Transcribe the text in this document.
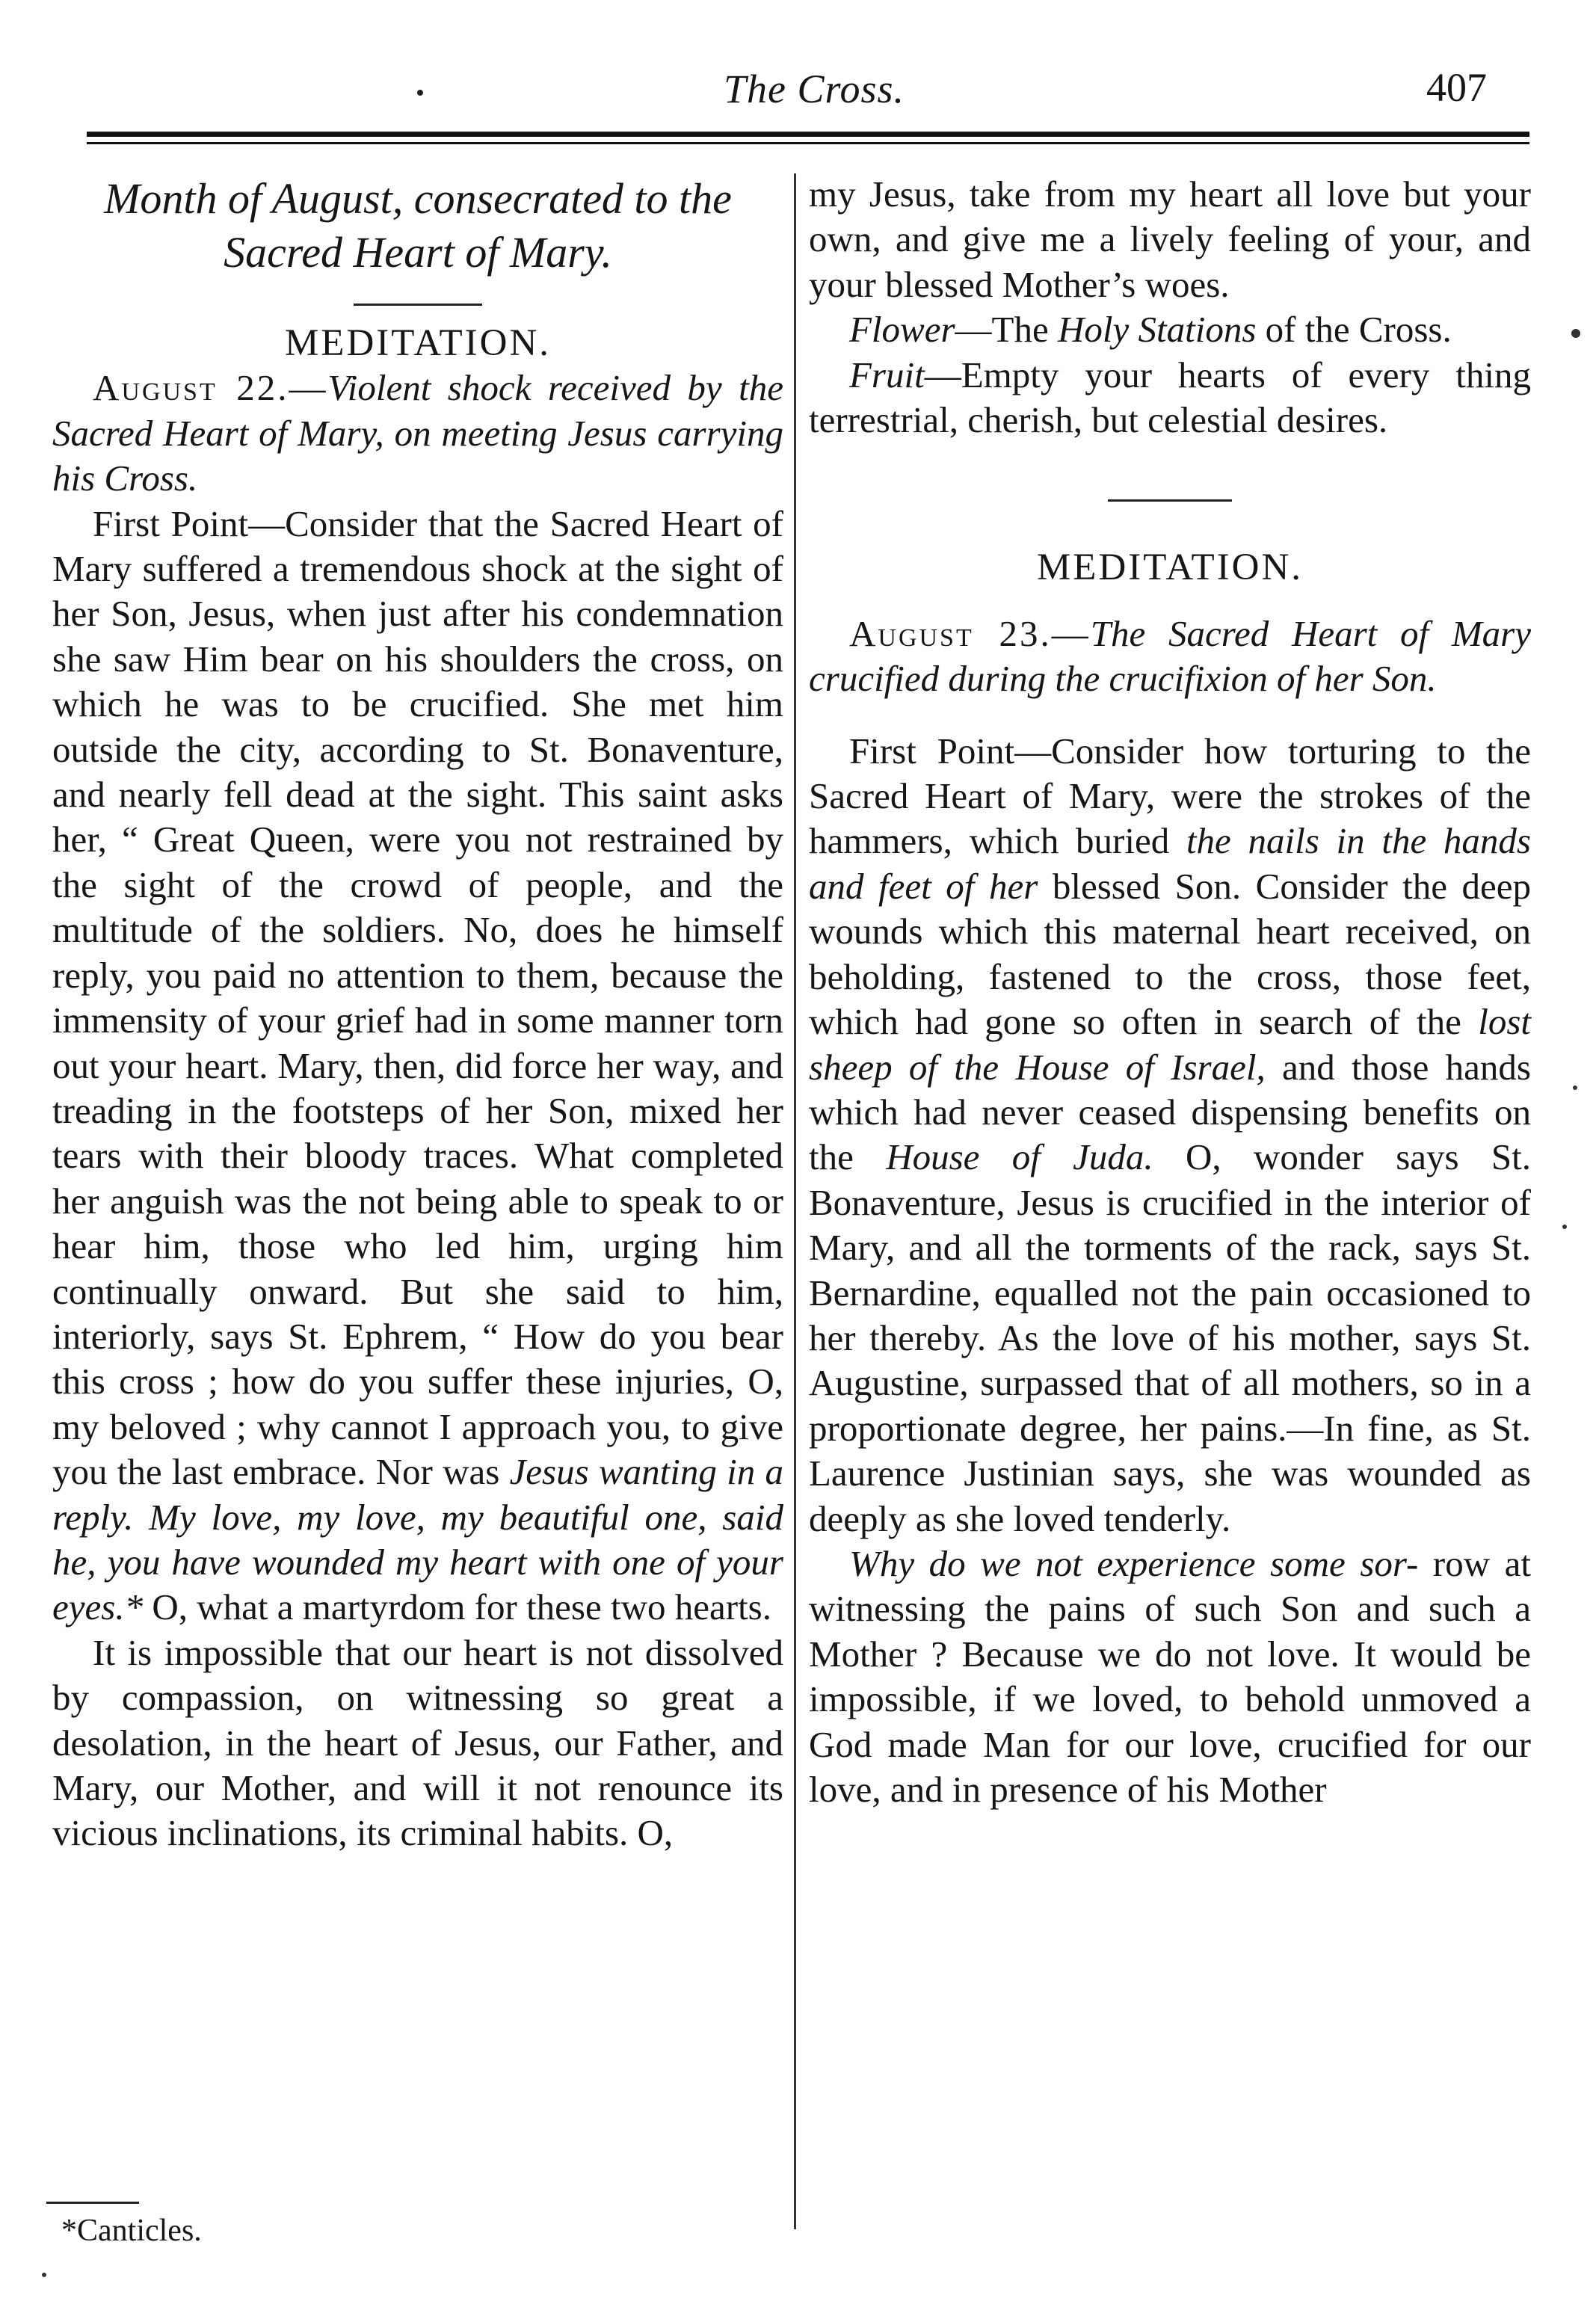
The Cross.	407

Month of August, consecrated to the

Sacred Heart of Mary.

MEDITATION.

August 22.—Violent shock received by the Sacred Heart of Mary, on meeting Jesus carrying his Cross.

First Point—Consider that the Sacred Heart of Mary suffered a tremendous shock at the sight of her Son, Jesus, when just after his condemnation she saw Him bear on his shoulders the cross, on which he was to be crucified. She met him outside the city, according to St. Bonaventure, and nearly fell dead at the sight. This saint asks her, “ Great Queen, were you not restrained by the sight of the crowd of people, and the multitude of the soldiers. No, does he himself reply, you paid no attention to them, because the immensity of your grief had in some manner torn out your heart. Mary, then, did force her way, and treading in the footsteps of her Son, mixed her tears with their bloody traces. What completed her anguish was the not being able to speak to or hear him, those who led him, urging him continually onward. But she said to him, interiorly, says St. Ephrem, “ How do you bear this cross ; how do you suffer these injuries, O, my beloved ; why cannot I approach you, to give you the last embrace. Nor was Jesus wanting in a reply. My love, my love, my beautiful one, said he, you have wounded my heart with one of your eyes.* O, what a martyrdom for these two hearts.

It is impossible that our heart is not dissolved by compassion, on witnessing so great a desolation, in the heart of Jesus, our Father, and Mary, our Mother, and will it not renounce its vicious inclinations, its criminal habits. O,

my Jesus, take from my heart all love but your own, and give me a lively feeling of your, and your blessed Mother’s woes.

Flower—The Holy Stations of the Cross.

Fruit—Empty your hearts of every thing terrestrial, cherish, but celestial desires.

MEDITATION.

August 23.—The Sacred Heart of Mary crucified during the crucifixion of her Son.

First Point—Consider how torturing to the Sacred Heart of Mary, were the strokes of the hammers, which buried the nails in the hands and feet of her blessed Son. Consider the deep wounds which this maternal heart received, on beholding, fastened to the cross, those feet, which had gone so often in search of the lost sheep of the House of Israel, and those hands which had never ceased dispensing benefits on the House of Juda. O, wonder says St. Bonaventure, Jesus is crucified in the interior of Mary, and all the torments of the rack, says St. Bernardine, equalled not the pain occasioned to her thereby. As the love of his mother, says St. Augustine, surpassed that of all mothers, so in a proportionate degree, her pains.—In fine, as St. Laurence Justinian says, she was wounded as deeply as she loved tenderly.

Why do we not experience some sor- row at witnessing the pains of such Son and such a Mother ? Because we do not love. It would be impossible, if we loved, to behold unmoved a God made Man for our love, crucified for our love, and in presence of his Mother

*Canticles.
